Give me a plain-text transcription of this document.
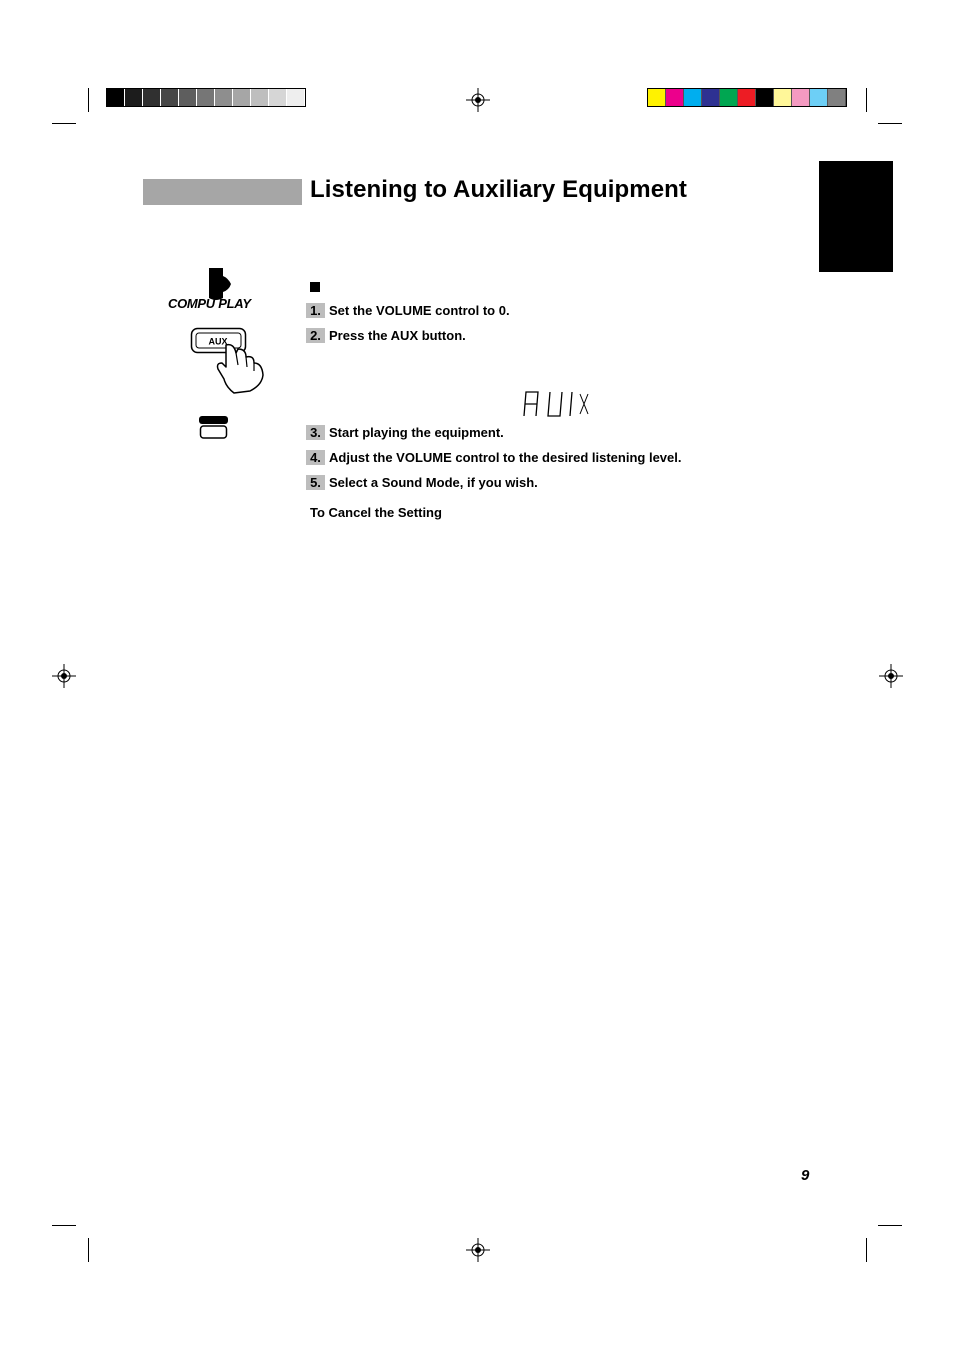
Listening to Auxiliary Equipment
COMPU PLAY
AUX
1. Set the VOLUME control to 0.
2. Press the AUX button.
AUX
3. Start playing the equipment.
4. Adjust the VOLUME control to the desired listening level.
5. Select a Sound Mode, if you wish.
To Cancel the Setting
9
